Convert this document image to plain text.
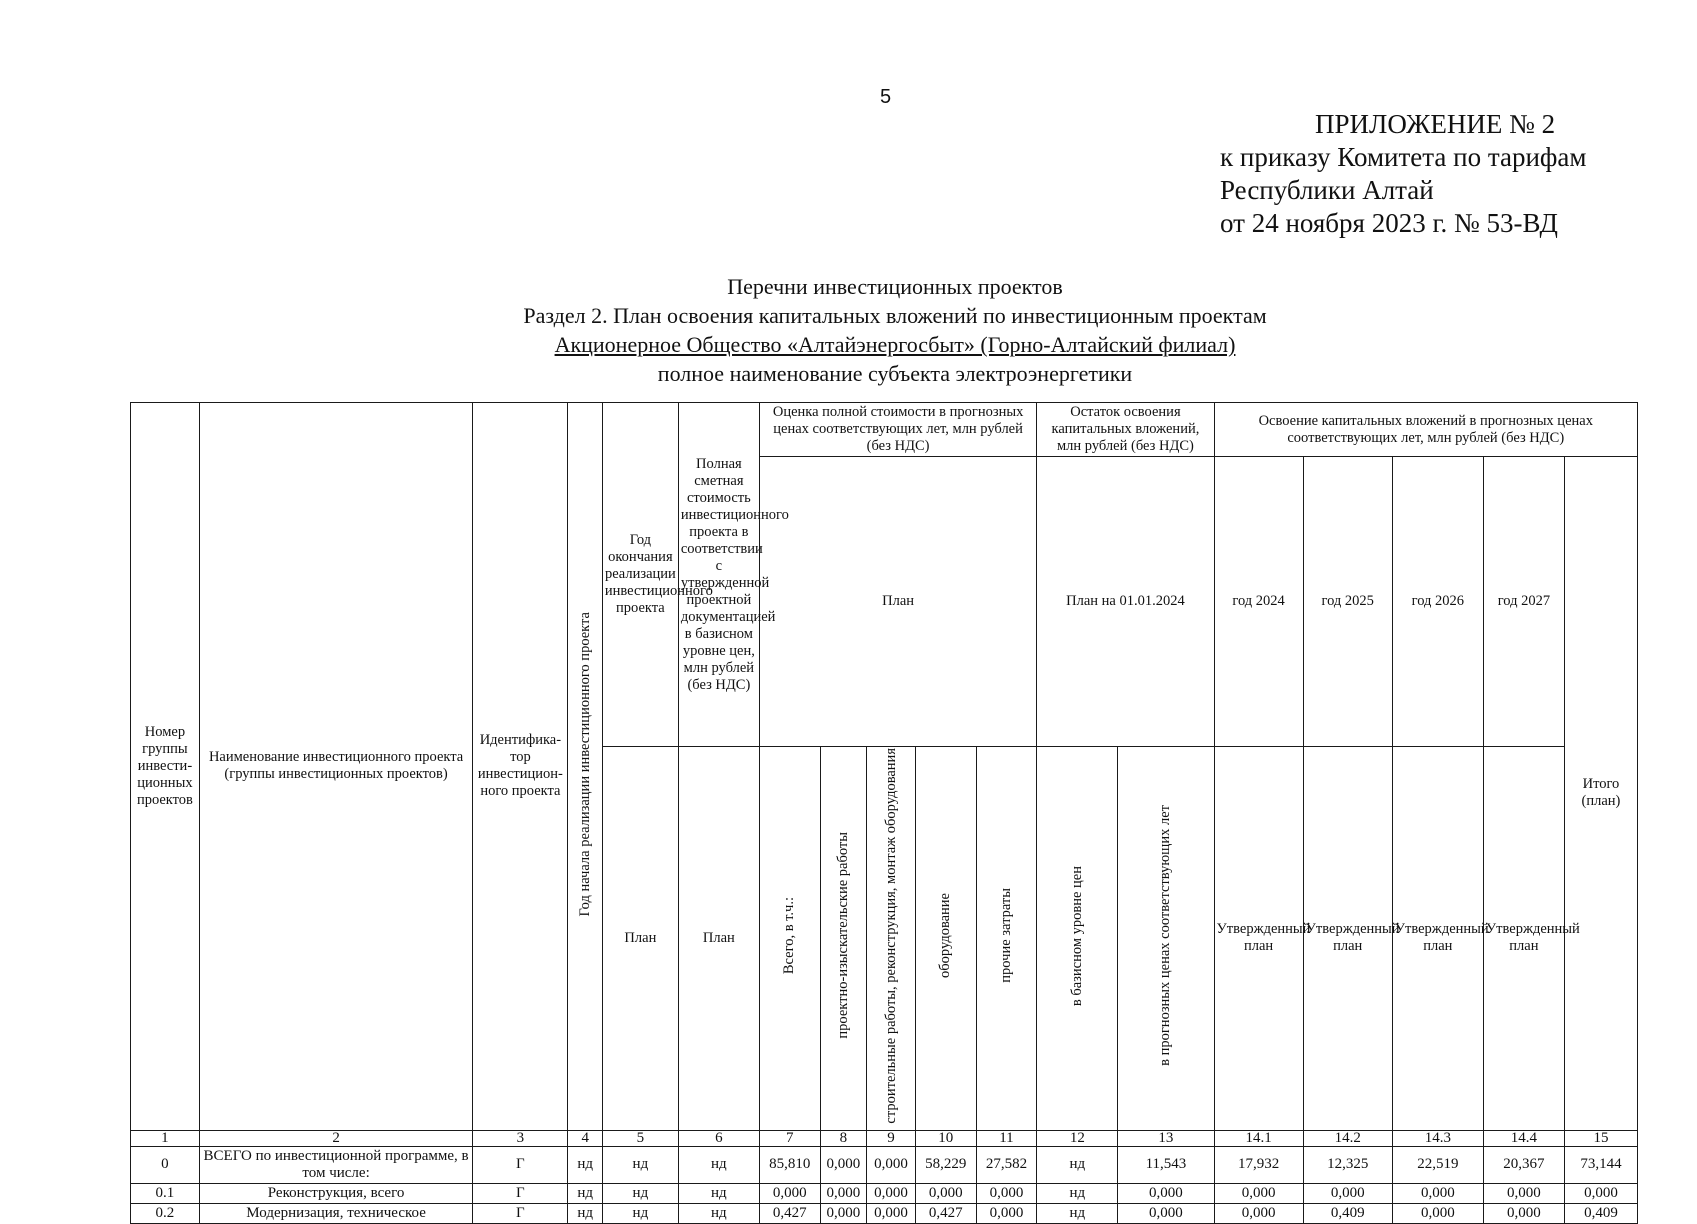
5
ПРИЛОЖЕНИЕ № 2
к приказу Комитета по тарифам
Республики Алтай
от 24 ноября 2023 г. № 53-ВД
Перечни инвестиционных проектов
Раздел 2. План освоения капитальных вложений по инвестиционным проектам
Акционерное Общество «Алтайэнергосбыт» (Горно-Алтайский филиал)
полное наименование субъекта электроэнергетики
Номер группы инвести-ционных проектов	Наименование инвестиционного проекта (группы инвестиционных проектов)	Идентифика-тор инвестицион-ного проекта	Год начала реализации инвестиционного проекта	Год окончания реализации инвестиционного проекта	Полная сметная стоимость инвестиционного проекта в соответствии с утвержденной проектной документацией в базисном уровне цен, млн рублей (без НДС)	Оценка полной стоимости в прогнозных ценах соответствующих лет, млн рублей (без НДС)					Остаток освоения капитальных вложений, млн рублей (без НДС)		Освоение капитальных вложений в прогнозных ценах соответствующих лет, млн рублей (без НДС)				
						План					План на 01.01.2024		год 2024	год 2025	год 2026	год 2027	Итого (план)
				План	План	Всего, в т.ч.:	проектно-изыскательские работы	строительные работы, реконструкция, монтаж оборудования	оборудование	прочие затраты	в базисном уровне цен	в прогнозных ценах соответствующих лет	Утвержденный план	Утвержденный план	Утвержденный план	Утвержденный план	
1	2	3	4	5	6	7	8	9	10	11	12	13	14.1	14.2	14.3	14.4	15
0	ВСЕГО по инвестиционной программе, в том числе:	Г	нд	нд	нд	85,810	0,000	0,000	58,229	27,582	нд	11,543	17,932	12,325	22,519	20,367	73,144
0.1	Реконструкция, всего	Г	нд	нд	нд	0,000	0,000	0,000	0,000	0,000	нд	0,000	0,000	0,000	0,000	0,000	0,000
0.2	Модернизация, техническое	Г	нд	нд	нд	0,427	0,000	0,000	0,427	0,000	нд	0,000	0,000	0,409	0,000	0,000	0,409
